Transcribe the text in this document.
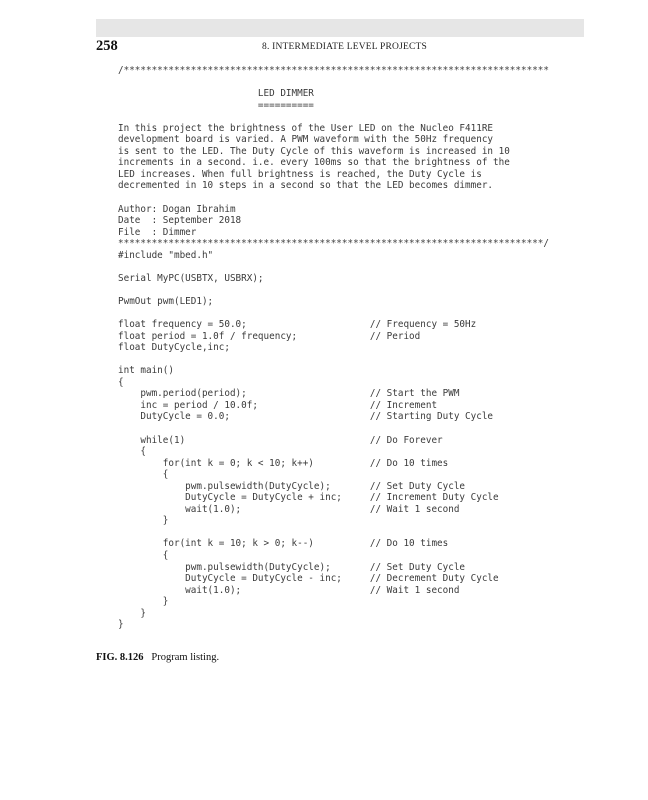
258	8. INTERMEDIATE LEVEL PROJECTS
/****************************************************************************
LED DIMMER
==========
In this project the brightness of the User LED on the Nucleo F411RE
development board is varied. A PWM waveform with the 50Hz frequency
is sent to the LED. The Duty Cycle of this waveform is increased in 10
increments in a second. i.e. every 100ms so that the brightness of the
LED increases. When full brightness is reached, the Duty Cycle is
decremented in 10 steps in a second so that the LED becomes dimmer.
Author: Dogan Ibrahim
Date  : September 2018
File  : Dimmer
****************************************************************************/
#include "mbed.h"
Serial MyPC(USBTX, USBRX);
PwmOut pwm(LED1);
float frequency = 50.0;                      // Frequency = 50Hz
float period = 1.0f / frequency;             // Period
float DutyCycle,inc;
int main()
{
pwm.period(period);                      // Start the PWM
inc = period / 10.0f;                    // Increment
DutyCycle = 0.0;                         // Starting Duty Cycle
while(1)                                 // Do Forever
{
for(int k = 0; k < 10; k++)          // Do 10 times
{
pwm.pulsewidth(DutyCycle);       // Set Duty Cycle
DutyCycle = DutyCycle + inc;     // Increment Duty Cycle
wait(1.0);                       // Wait 1 second
}
for(int k = 10; k > 0; k--)          // Do 10 times
{
pwm.pulsewidth(DutyCycle);       // Set Duty Cycle
DutyCycle = DutyCycle - inc;     // Decrement Duty Cycle
wait(1.0);                       // Wait 1 second
}
}
}
FIG. 8.126 Program listing.
